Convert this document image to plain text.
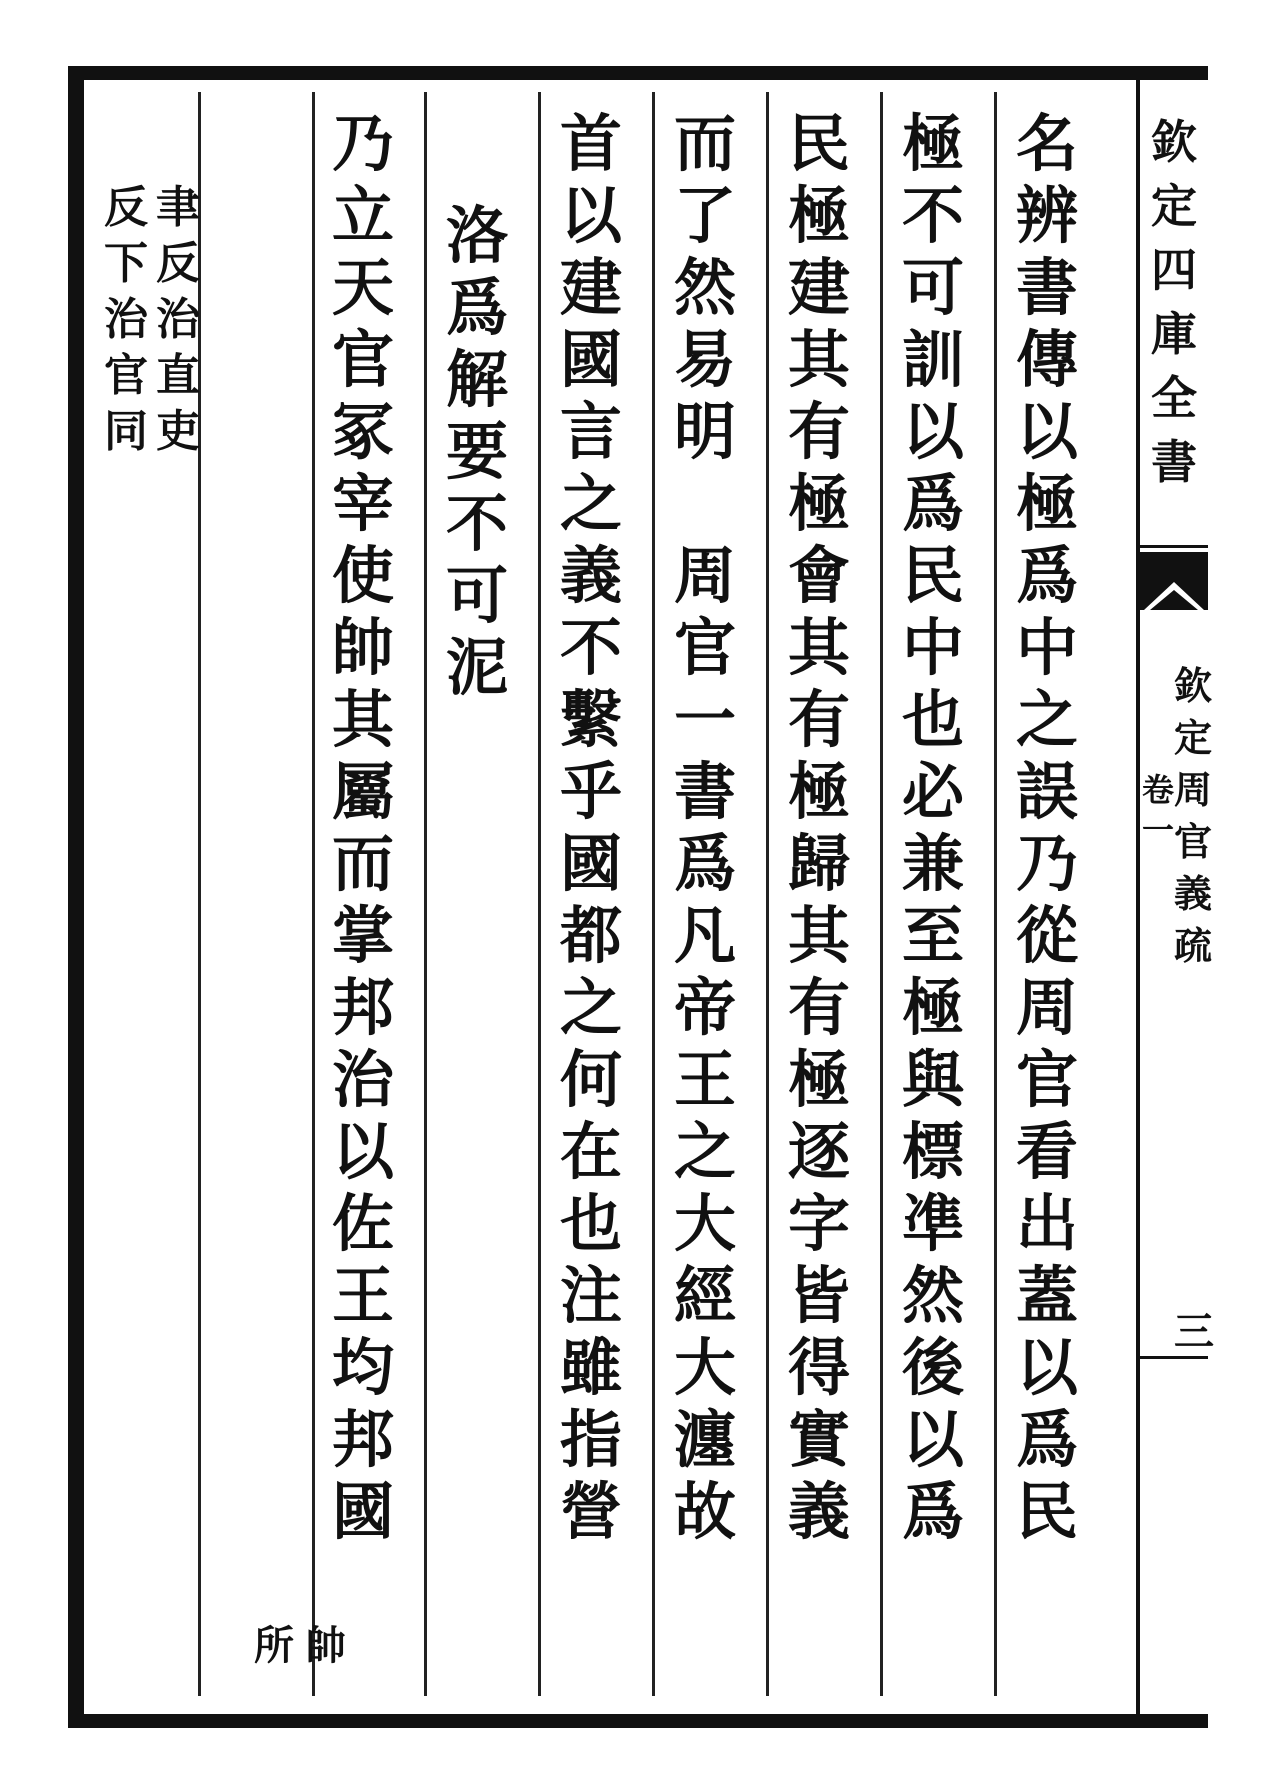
名
辨
書
傳
以
極
爲
中
之
誤
乃
從
周
官
看
出
蓋
以
爲
民
極
不
可
訓
以
爲
民
中
也
必
兼
至
極
與
標
凖
然
後
以
爲
民
極
建
其
有
極
會
其
有
極
歸
其
有
極
逐
字
皆
得
實
義
而
了
然
易
明

周
官
一
書
爲
凡
帝
王
之
大
經
大
瀍
故
首
以
建
國
言
之
義
不
繫
乎
國
都
之
何
在
也
注
雖
指
營
洛
爲
解
要
不
可
泥
乃
立
天
官
冢
宰
使
帥
其
屬
而
掌
邦
治
以
佐
王
均
邦
國
所 帥
聿
反
治
直
吏
反
下
治
官
同
欽
定
四
庫
全
書
欽
定
周
官
義
疏
卷
一
三
